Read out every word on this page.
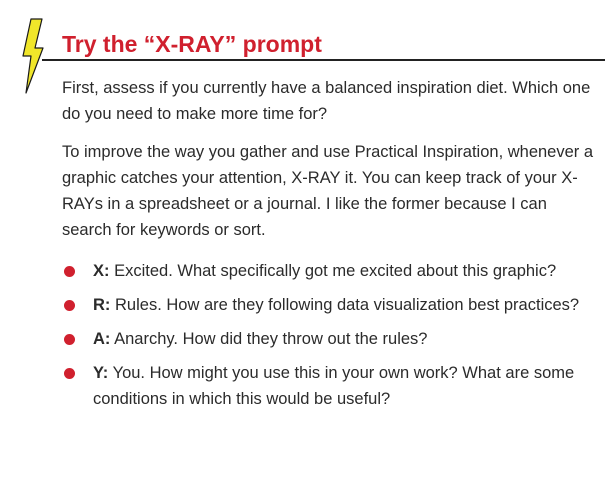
Try the “X-RAY” prompt

First, assess if you currently have a balanced inspiration diet. Which one do you need to make more time for?

To improve the way you gather and use Practical Inspiration, whenever a graphic catches your attention, X-RAY it. You can keep track of your X-RAYs in a spreadsheet or a journal. I like the former because I can search for keywords or sort.

X: Excited. What specifically got me excited about this graphic?
R: Rules. How are they following data visualization best practices?
A: Anarchy. How did they throw out the rules?
Y: You. How might you use this in your own work? What are some conditions in which this would be useful?
